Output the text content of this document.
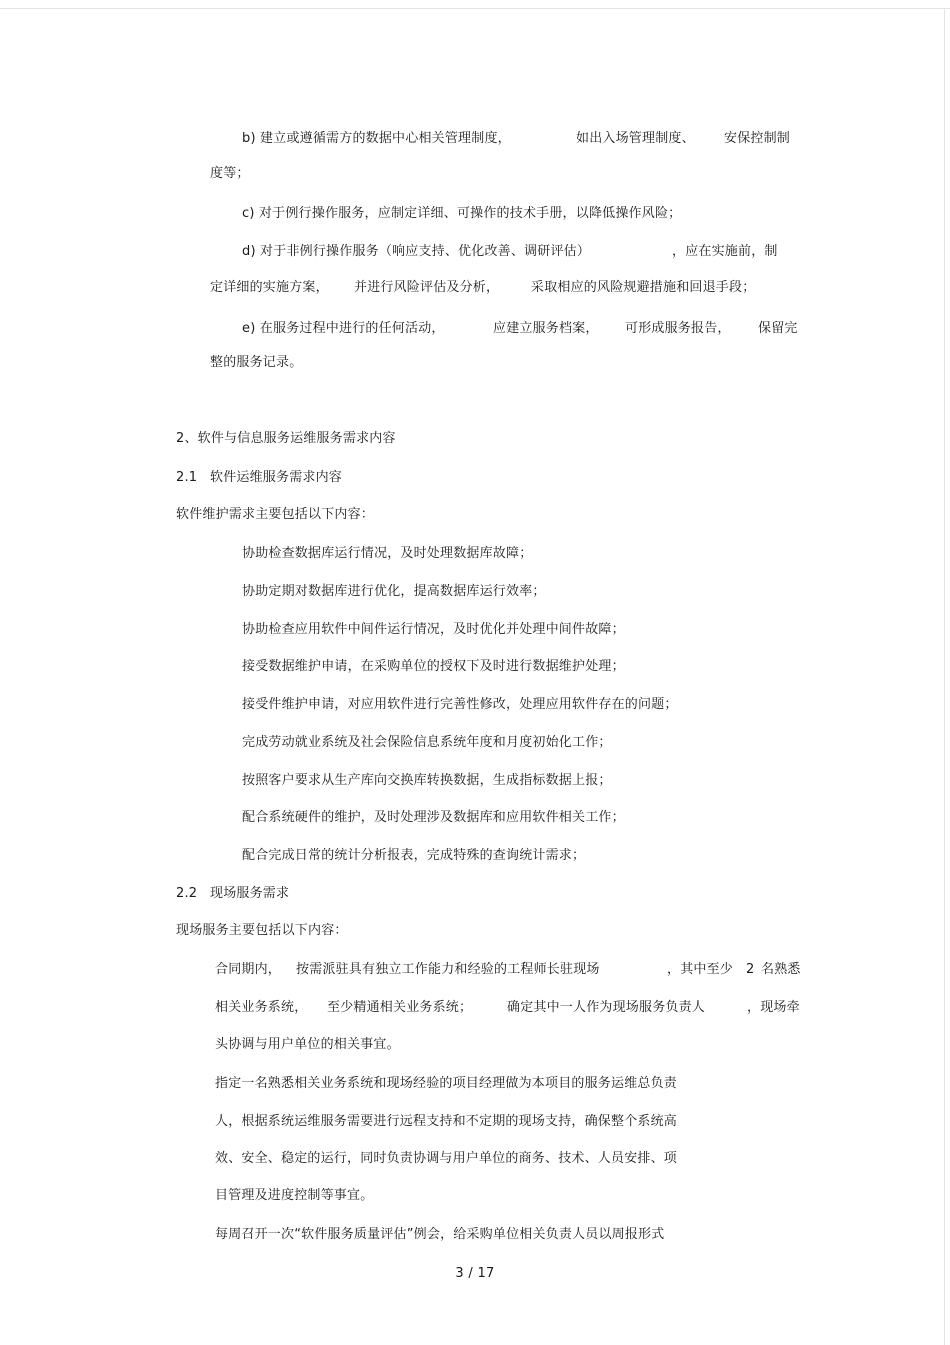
b) 建立或遵循需方的数据中心相关管理制度，	如出入场管理制度、 安保控制制
度等；
c) 对于例行操作服务，应制定详细、可操作的技术手册，以降低操作风险；
d) 对于非例行操作服务（响应支持、优化改善、调研评估）	，应在实施前，制
定详细的实施方案， 并进行风险评估及分析， 采取相应的风险规避措施和回退手段；
e) 在服务过程中进行的任何活动，	应建立服务档案， 可形成服务报告， 保留完
整的服务记录。
2、软件与信息服务运维服务需求内容
2.1 软件运维服务需求内容
软件维护需求主要包括以下内容：
协助检查数据库运行情况，及时处理数据库故障；
协助定期对数据库进行优化，提高数据库运行效率；
协助检查应用软件中间件运行情况，及时优化并处理中间件故障；
接受数据维护申请，在采购单位的授权下及时进行数据维护处理；
接受件维护申请，对应用软件进行完善性修改，处理应用软件存在的问题；
完成劳动就业系统及社会保险信息系统年度和月度初始化工作；
按照客户要求从生产库向交换库转换数据，生成指标数据上报；
配合系统硬件的维护，及时处理涉及数据库和应用软件相关工作；
配合完成日常的统计分析报表，完成特殊的查询统计需求；
2.2 现场服务需求
现场服务主要包括以下内容：
合同期内， 按需派驻具有独立工作能力和经验的工程师长驻现场	，其中至少 2 名熟悉
相关业务系统， 至少精通相关业务系统；	确定其中一人作为现场服务负责人	，现场牵
头协调与用户单位的相关事宜。
指定一名熟悉相关业务系统和现场经验的项目经理做为本项目的服务运维总负责
人，根据系统运维服务需要进行远程支持和不定期的现场支持，确保整个系统高
效、安全、稳定的运行，同时负责协调与用户单位的商务、技术、人员安排、项
目管理及进度控制等事宜。
每周召开一次“软件服务质量评估”例会，给采购单位相关负责人员以周报形式
3 / 17
